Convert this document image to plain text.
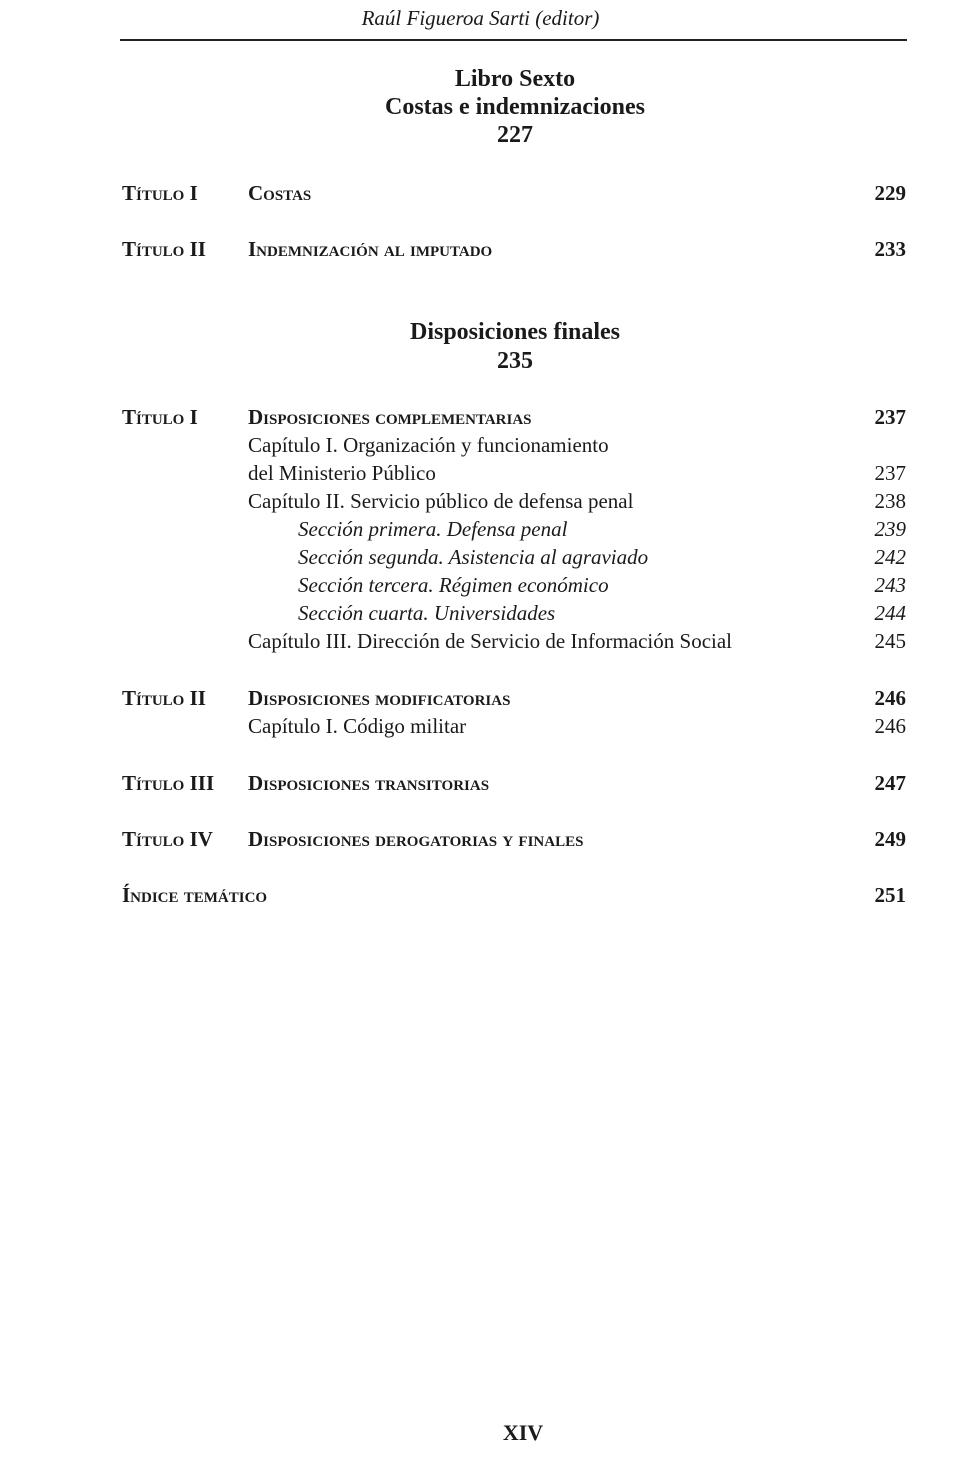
Raúl Figueroa Sarti (editor)
Libro Sexto
Costas e indemnizaciones
227
Título I Costas	229
Título II Indemnización al imputado	233
Disposiciones finales
235
Título I Disposiciones complementarias	237
Capítulo I. Organización y funcionamiento
del Ministerio Público	237
Capítulo II. Servicio público de defensa penal	238
Sección primera. Defensa penal	239
Sección segunda. Asistencia al agraviado	242
Sección tercera. Régimen económico	243
Sección cuarta. Universidades	244
Capítulo III. Dirección de Servicio de Información Social	245
Título II Disposiciones modificatorias	246
Capítulo I. Código militar	246
Título III Disposiciones transitorias	247
Título IV Disposiciones derogatorias y finales	249
Índice temático	251
XIV
